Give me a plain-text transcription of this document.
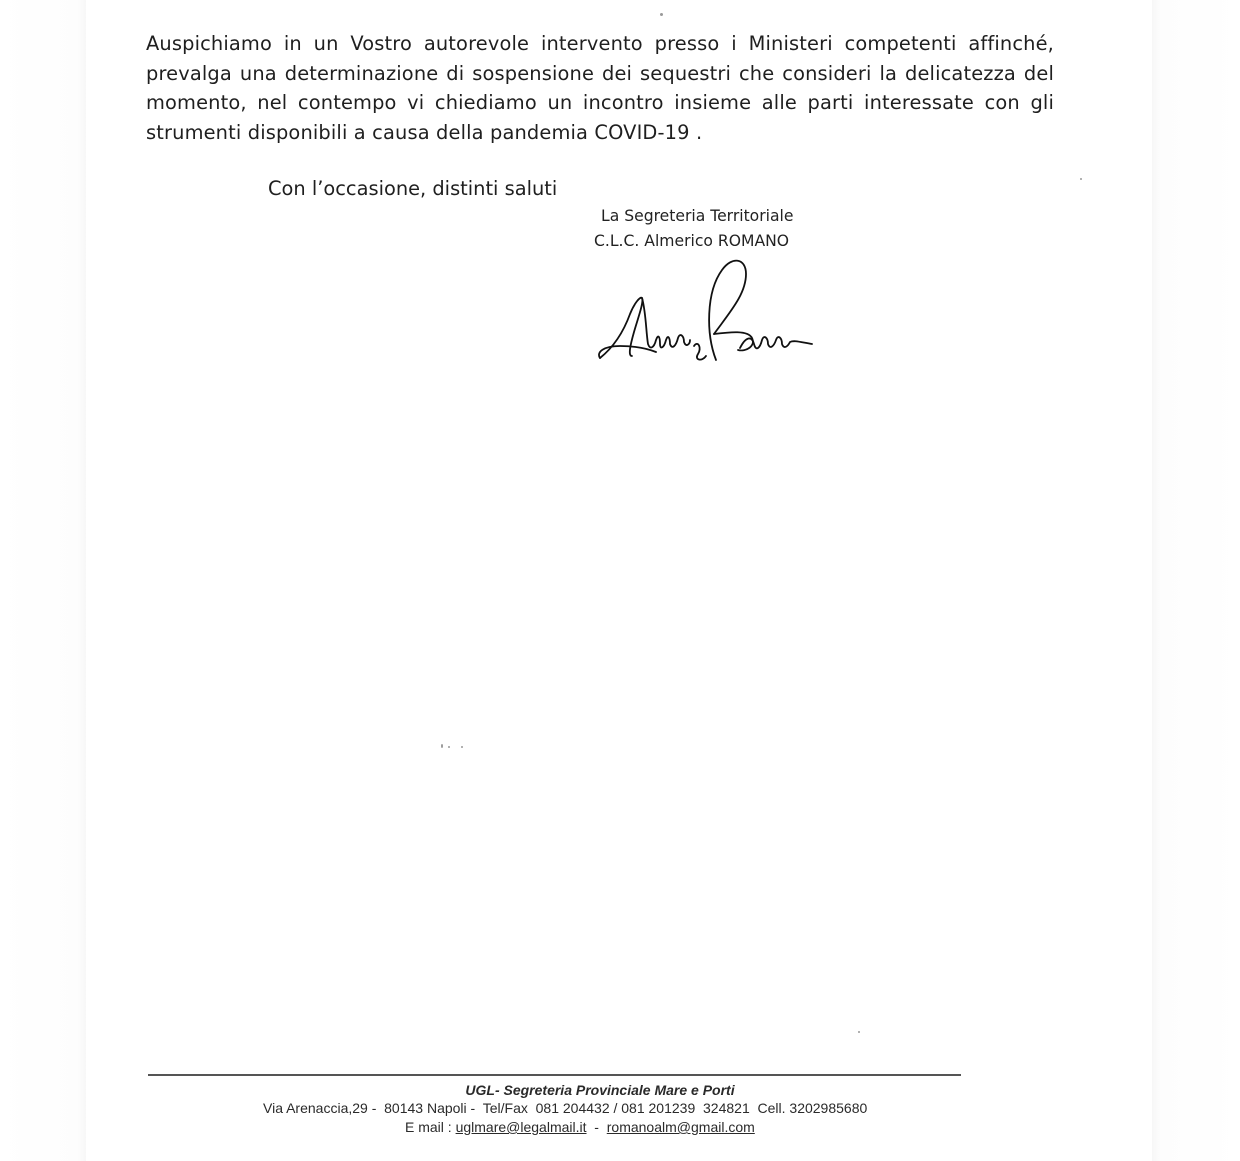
Auspichiamo in un Vostro autorevole intervento presso i Ministeri competenti affinché, prevalga una determinazione di sospensione dei sequestri che consideri la delicatezza del momento, nel contempo vi chiediamo un incontro insieme alle parti interessate con gli strumenti disponibili a causa della pandemia COVID-19 .

Con l’occasione, distinti saluti
La Segreteria Territoriale
C.L.C. Almerico ROMANO
UGL- Segreteria Provinciale Mare e Porti
Via Arenaccia,29 -  80143 Napoli -  Tel/Fax  081 204432 / 081 201239  324821  Cell. 3202985680
E mail : uglmare@legalmail.it  -  romanoalm@gmail.com
